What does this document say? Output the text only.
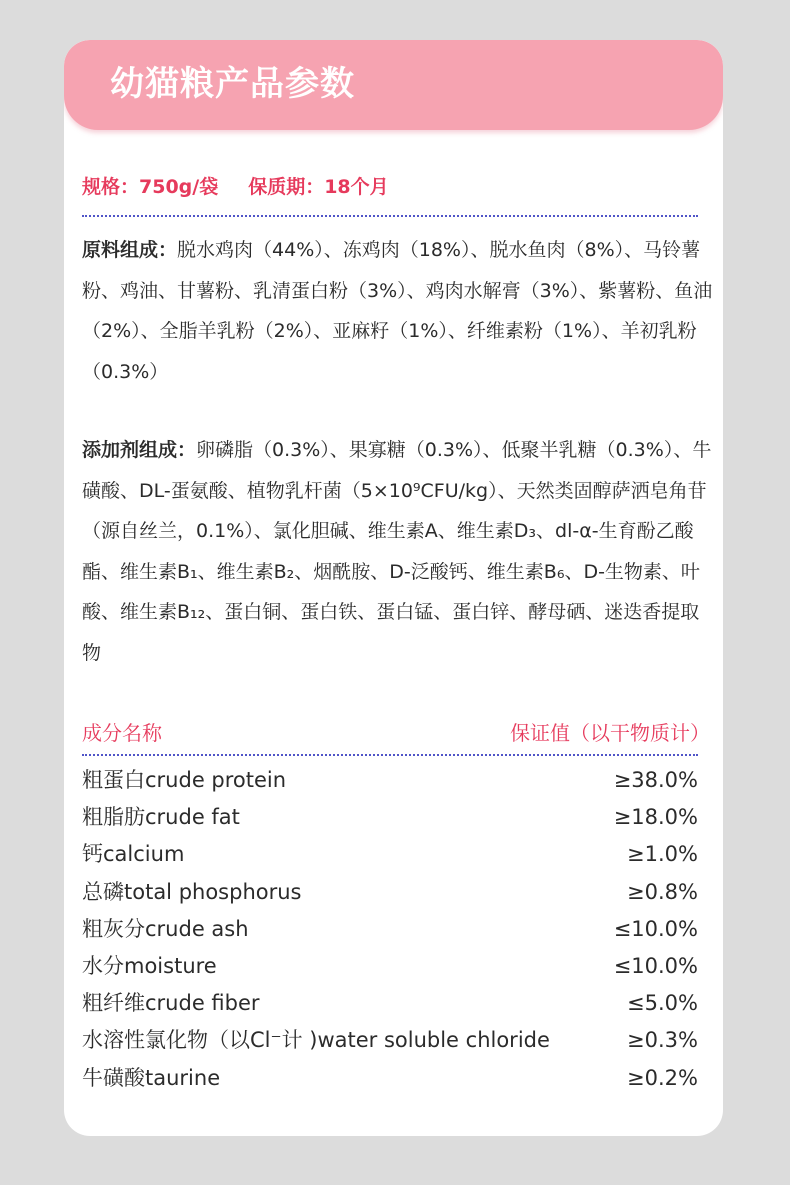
幼猫粮产品参数
规格：750g/袋 保质期：18个月
原料组成：脱水鸡肉（44%）、冻鸡肉（18%）、脱水鱼肉（8%）、马铃薯粉、鸡油、甘薯粉、乳清蛋白粉（3%）、鸡肉水解膏（3%）、紫薯粉、鱼油（2%）、全脂羊乳粉（2%）、亚麻籽（1%）、纤维素粉（1%）、羊初乳粉（0.3%）
添加剂组成：卵磷脂（0.3%）、果寡糖（0.3%）、低聚半乳糖（0.3%）、牛磺酸、DL-蛋氨酸、植物乳杆菌（5×10⁹CFU/kg）、天然类固醇萨洒皂角苷（源自丝兰，0.1%）、氯化胆碱、维生素A、维生素D₃、dl-α-生育酚乙酸酯、维生素B₁、维生素B₂、烟酰胺、D-泛酸钙、维生素B₆、D-生物素、叶酸、维生素B₁₂、蛋白铜、蛋白铁、蛋白锰、蛋白锌、酵母硒、迷迭香提取物
成分名称	保证值（以干物质计）
粗蛋白crude protein	≥38.0%
粗脂肪crude fat	≥18.0%
钙calcium	≥1.0%
总磷total phosphorus	≥0.8%
粗灰分crude ash	≤10.0%
水分moisture	≤10.0%
粗纤维crude fiber	≤5.0%
水溶性氯化物（以Cl⁻计 )water soluble chloride	≥0.3%
牛磺酸taurine	≥0.2%
